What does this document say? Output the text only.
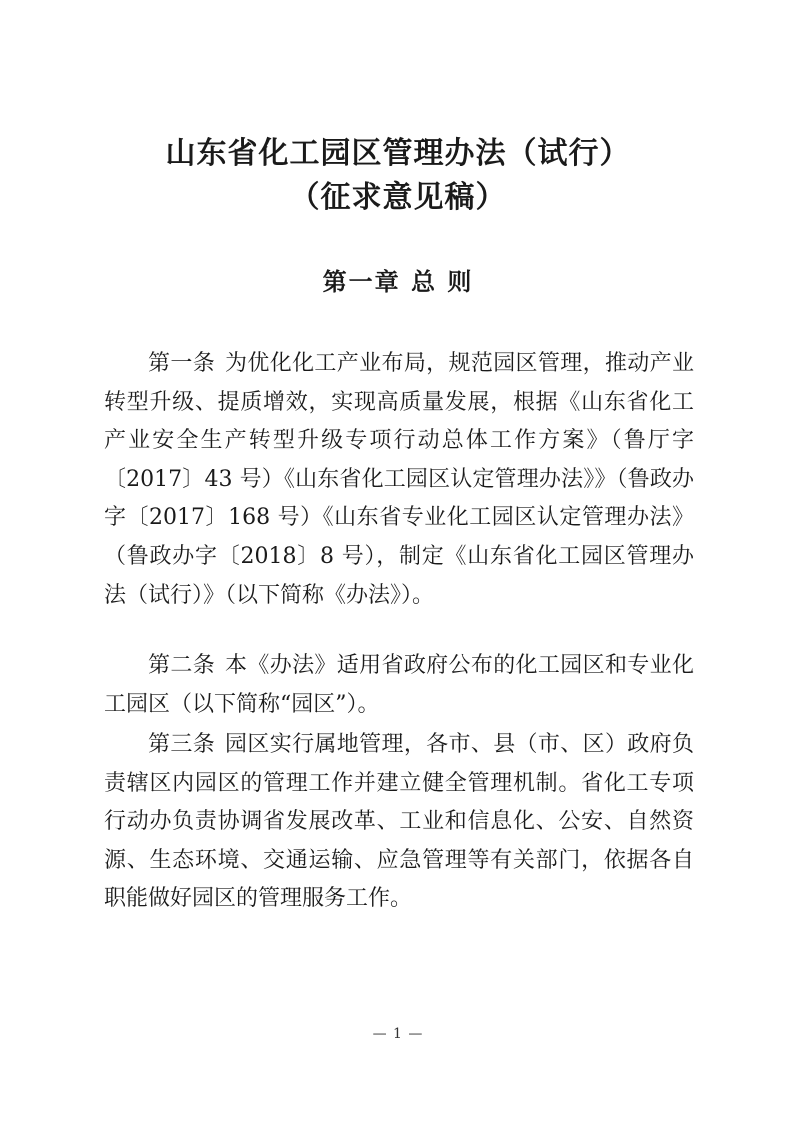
山东省化工园区管理办法（试行）
（征求意见稿）
第一章 总 则

第一条 为优化化工产业布局，规范园区管理，推动产业转型升级、提质增效，实现高质量发展，根据《山东省化工产业安全生产转型升级专项行动总体工作方案》（鲁厅字〔2017〕43 号）《山东省化工园区认定管理办法》》（鲁政办字〔2017〕168 号）《山东省专业化工园区认定管理办法》（鲁政办字〔2018〕8 号），制定《山东省化工园区管理办法（试行）》（以下简称《办法》）。

第二条 本《办法》适用省政府公布的化工园区和专业化工园区（以下简称“园区”）。

第三条 园区实行属地管理，各市、县（市、区）政府负责辖区内园区的管理工作并建立健全管理机制。省化工专项行动办负责协调省发展改革、工业和信息化、公安、自然资源、生态环境、交通运输、应急管理等有关部门，依据各自职能做好园区的管理服务工作。

— 1 —
